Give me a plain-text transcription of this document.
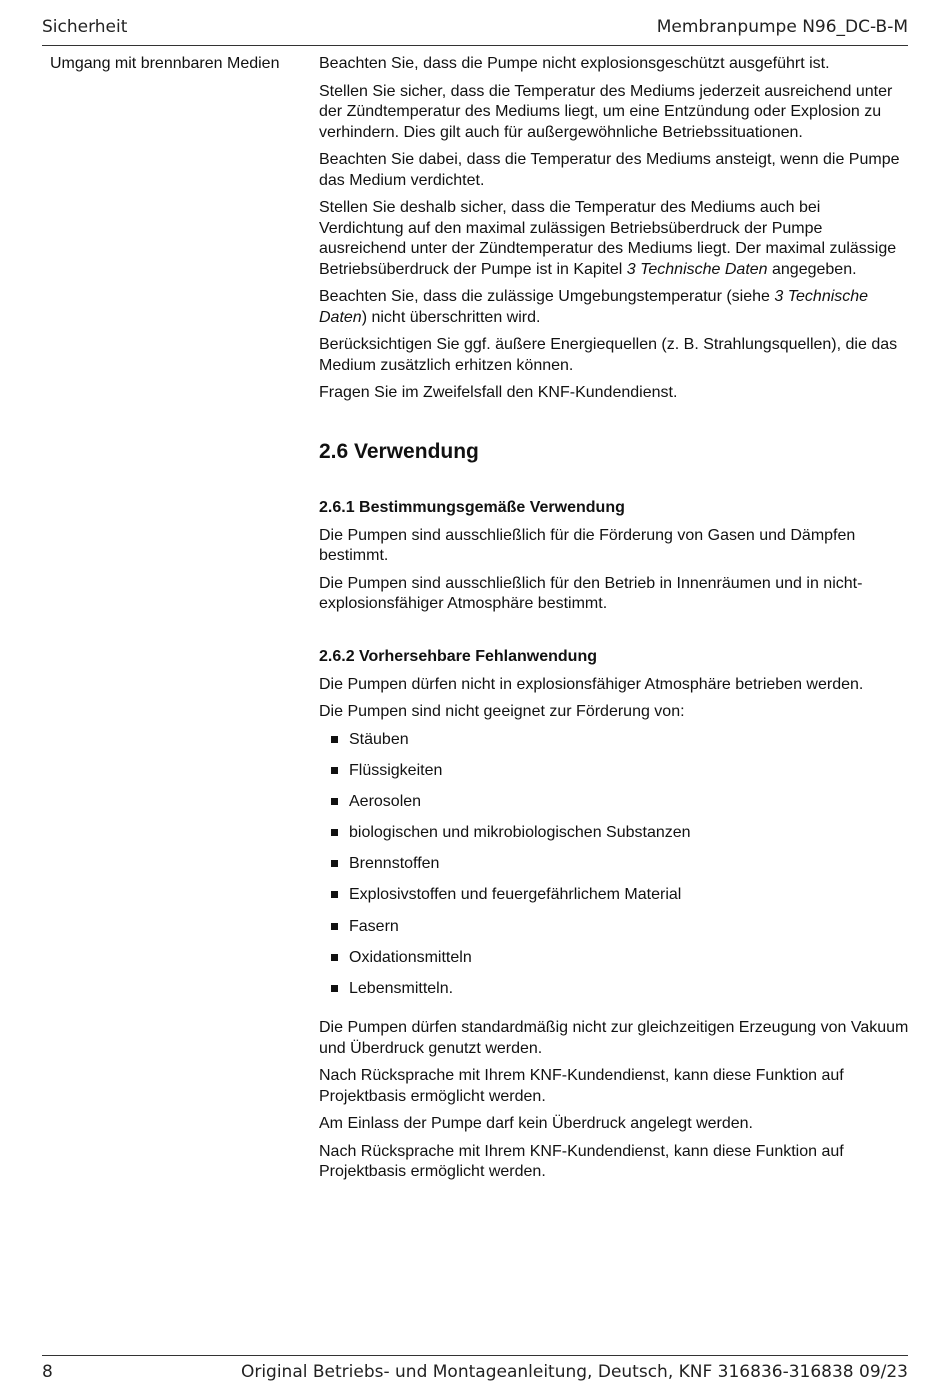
Sicherheit	Membranpumpe N96_DC-B-M
Umgang mit brennbaren Medien Beachten Sie, dass die Pumpe nicht explosionsgeschützt ausgeführt ist.

Stellen Sie sicher, dass die Temperatur des Mediums jederzeit ausreichend unter der Zündtemperatur des Mediums liegt, um eine Entzündung oder Explosion zu verhindern. Dies gilt auch für außergewöhnliche Betriebssituationen.

Beachten Sie dabei, dass die Temperatur des Mediums ansteigt, wenn die Pumpe das Medium verdichtet.

Stellen Sie deshalb sicher, dass die Temperatur des Mediums auch bei Verdichtung auf den maximal zulässigen Betriebsüberdruck der Pumpe ausreichend unter der Zündtemperatur des Mediums liegt. Der maximal zulässige Betriebsüberdruck der Pumpe ist in Kapitel 3 Technische Daten angegeben.

Beachten Sie, dass die zulässige Umgebungstemperatur (siehe 3 Technische Daten) nicht überschritten wird.

Berücksichtigen Sie ggf. äußere Energiequellen (z. B. Strahlungsquellen), die das Medium zusätzlich erhitzen können.

Fragen Sie im Zweifelsfall den KNF-Kundendienst.

2.6 Verwendung
2.6.1 Bestimmungsgemäße Verwendung

Die Pumpen sind ausschließlich für die Förderung von Gasen und Dämpfen bestimmt.

Die Pumpen sind ausschließlich für den Betrieb in Innenräumen und in nicht-explosionsfähiger Atmosphäre bestimmt.

2.6.2 Vorhersehbare Fehlanwendung

Die Pumpen dürfen nicht in explosionsfähiger Atmosphäre betrieben werden.

Die Pumpen sind nicht geeignet zur Förderung von:

Stäuben
Flüssigkeiten
Aerosolen
biologischen und mikrobiologischen Substanzen
Brennstoffen
Explosivstoffen und feuergefährlichem Material
Fasern
Oxidationsmitteln
Lebensmitteln.

Die Pumpen dürfen standardmäßig nicht zur gleichzeitigen Erzeugung von Vakuum und Überdruck genutzt werden.

Nach Rücksprache mit Ihrem KNF-Kundendienst, kann diese Funktion auf Projektbasis ermöglicht werden.

Am Einlass der Pumpe darf kein Überdruck angelegt werden.

Nach Rücksprache mit Ihrem KNF-Kundendienst, kann diese Funktion auf Projektbasis ermöglicht werden.

8	Original Betriebs- und Montageanleitung, Deutsch, KNF 316836-316838 09/23
